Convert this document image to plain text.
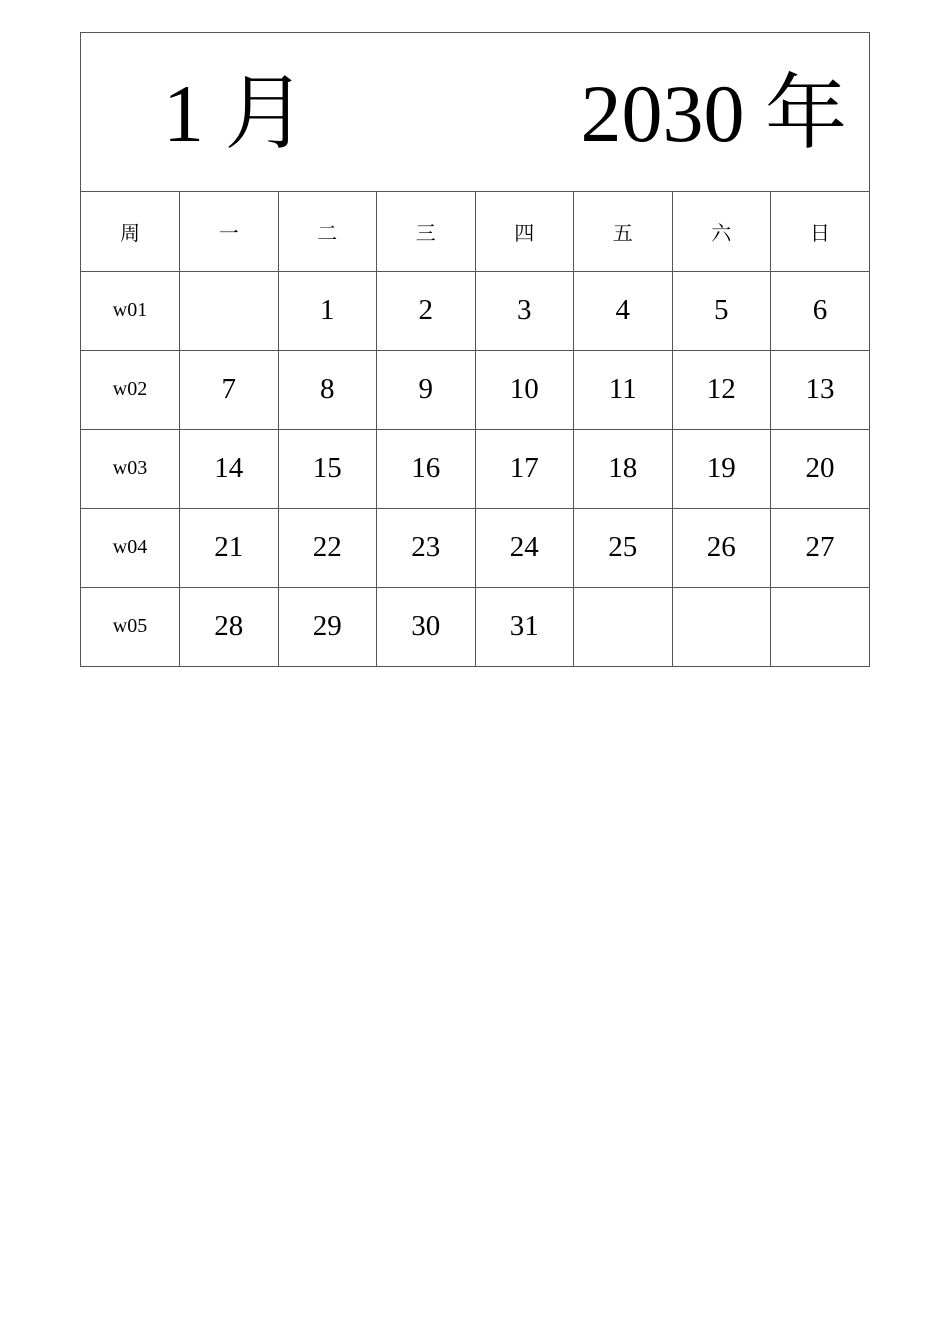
1 月	2030 年
周	一	二	三	四	五	六	日
w01		1	2	3	4	5	6
w02	7	8	9	10	11	12	13
w03	14	15	16	17	18	19	20
w04	21	22	23	24	25	26	27
w05	28	29	30	31			
